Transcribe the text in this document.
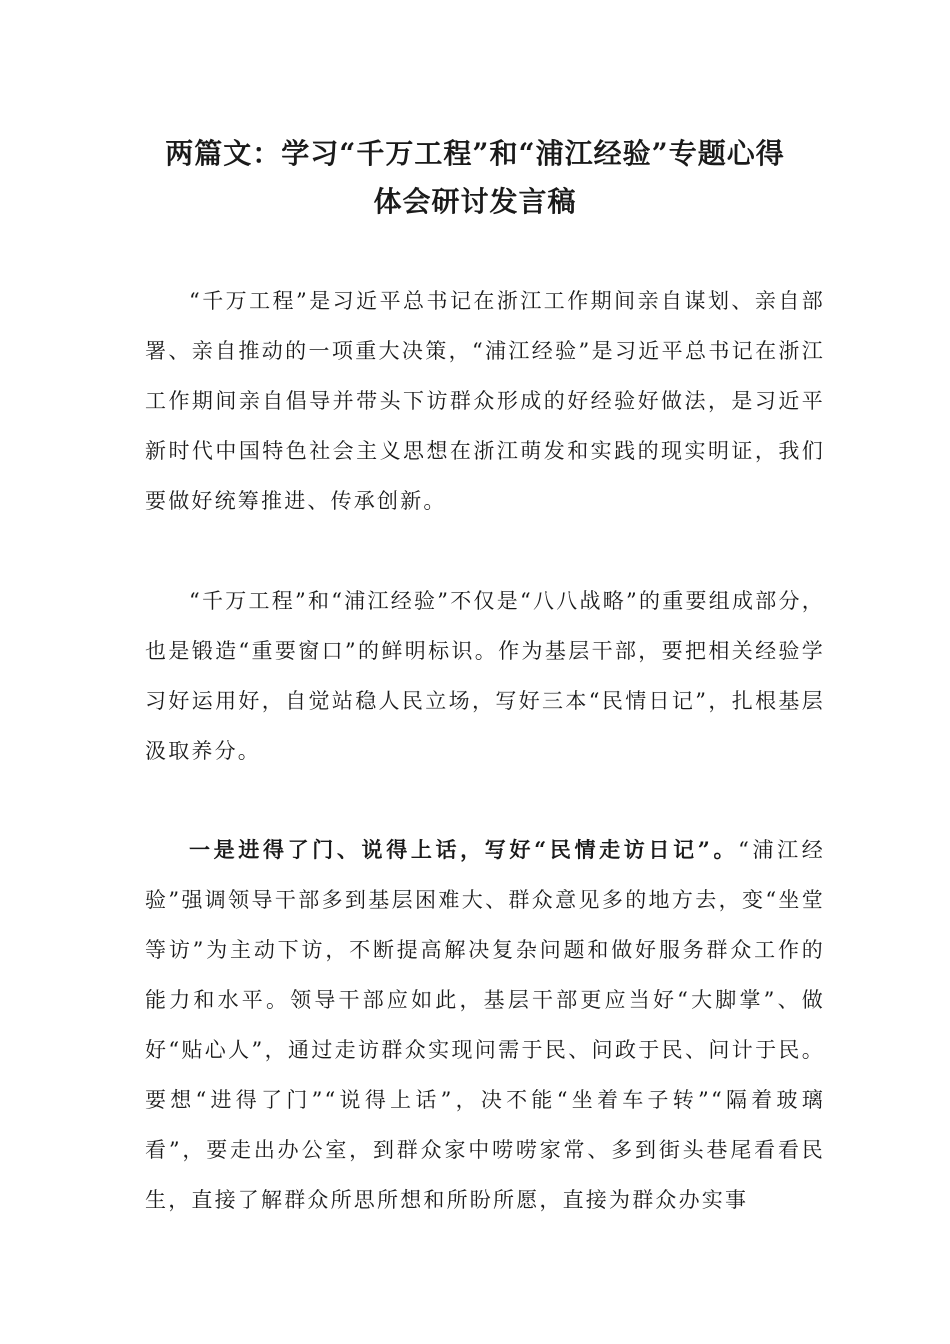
两篇文：学习“千万工程”和“浦江经验”专题心得
体会研讨发言稿

“千万工程”是习近平总书记在浙江工作期间亲自谋划、亲自部署、亲自推动的一项重大决策，“浦江经验”是习近平总书记在浙江工作期间亲自倡导并带头下访群众形成的好经验好做法，是习近平新时代中国特色社会主义思想在浙江萌发和实践的现实明证，我们要做好统筹推进、传承创新。

“千万工程”和“浦江经验”不仅是“八八战略”的重要组成部分，也是锻造“重要窗口”的鲜明标识。作为基层干部，要把相关经验学习好运用好，自觉站稳人民立场，写好三本“民情日记”，扎根基层汲取养分。

一是进得了门、说得上话，写好“民情走访日记”。“浦江经验”强调领导干部多到基层困难大、群众意见多的地方去，变“坐堂等访”为主动下访，不断提高解决复杂问题和做好服务群众工作的能力和水平。领导干部应如此，基层干部更应当好“大脚掌”、做好“贴心人”，通过走访群众实现问需于民、问政于民、问计于民。要想“进得了门”“说得上话”，决不能“坐着车子转”“隔着玻璃看”，要走出办公室，到群众家中唠唠家常、多到街头巷尾看看民生，直接了解群众所思所想和所盼所愿，直接为群众办实事
